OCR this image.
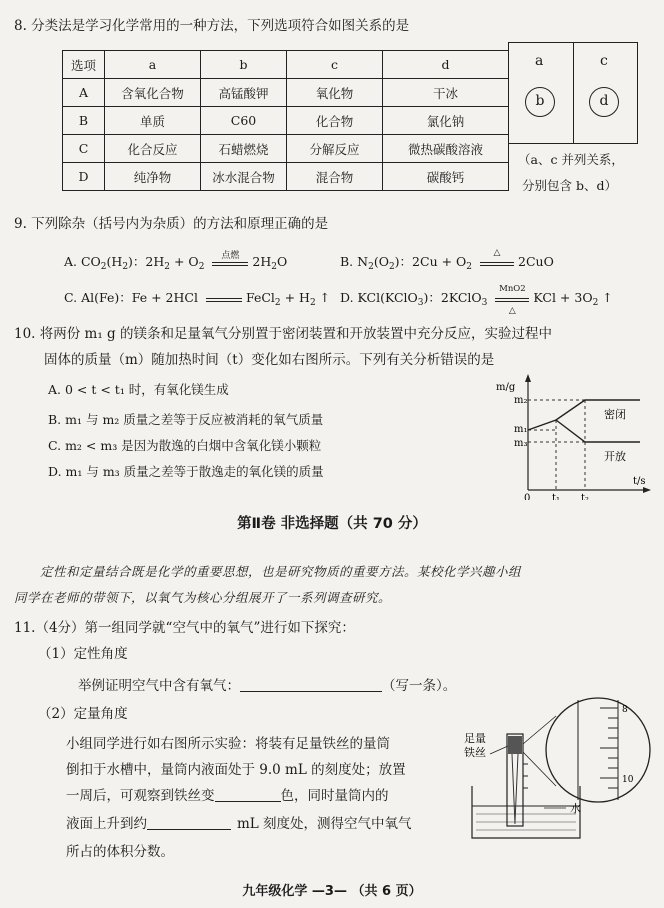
8. 分类法是学习化学常用的一种方法，下列选项符合如图关系的是
选项	a	b	c	d
A	含氧化合物	高锰酸钾	氧化物	干冰
B	单质	C60	化合物	氯化钠
C	化合反应	石蜡燃烧	分解反应	微热碳酸溶液
D	纯净物	冰水混合物	混合物	碳酸钙
a	c
b	d
（a、c 并列关系，
分别包含 b、d）
9. 下列除杂（括号内为杂质）的方法和原理正确的是
A. $CO_2(H_2)$：$2H_2 + O_2$
点燃	$2H_2O$	B. $N_2(O_2)$：$2Cu + O_2$
△
2CuO
C. Al(Fe)：Fe + 2HCl	FeCl$_2$ + $H_2$ ↑ D. KCl(KClO$_3$)：2KClO$_3$
MnO2
△
KCl + $3O_2$ ↑
10. 将两份 m₁ g 的镁条和足量氧气分别置于密闭装置和开放装置中充分反应，实验过程中
固体的质量（m）随加热时间（t）变化如右图所示。下列有关分析错误的是
A. 0 < t < t₁ 时，有氧化镁生成
B. m₁ 与 m₂ 质量之差等于反应被消耗的氧气质量
C. m₂ < m₃ 是因为散逸的白烟中含氧化镁小颗粒
D. m₁ 与 m₃ 质量之差等于散逸走的氧化镁的质量
m/g
t/s
m₂
m₁
m₃
0 t₁ t₂
密闭
开放
第Ⅱ卷 非选择题（共 70 分）
定性和定量结合既是化学的重要思想，也是研究物质的重要方法。某校化学兴趣小组
同学在老师的带领下，以氧气为核心分组展开了一系列调查研究。
11.（4分）第一组同学就“空气中的氧气”进行如下探究：
（1）定性角度
举例证明空气中含有氧气：	（写一条）。
（2）定量角度
小组同学进行如右图所示实验：将装有足量铁丝的量筒
倒扣于水槽中，量筒内液面处于 9.0 mL 的刻度处；放置
一周后，可观察到铁丝变	色，同时量筒内的
液面上升到约	mL 刻度处，测得空气中氧气
所占的体积分数。
8
10
足量
铁丝
水
九年级化学 —3— （共 6 页）
